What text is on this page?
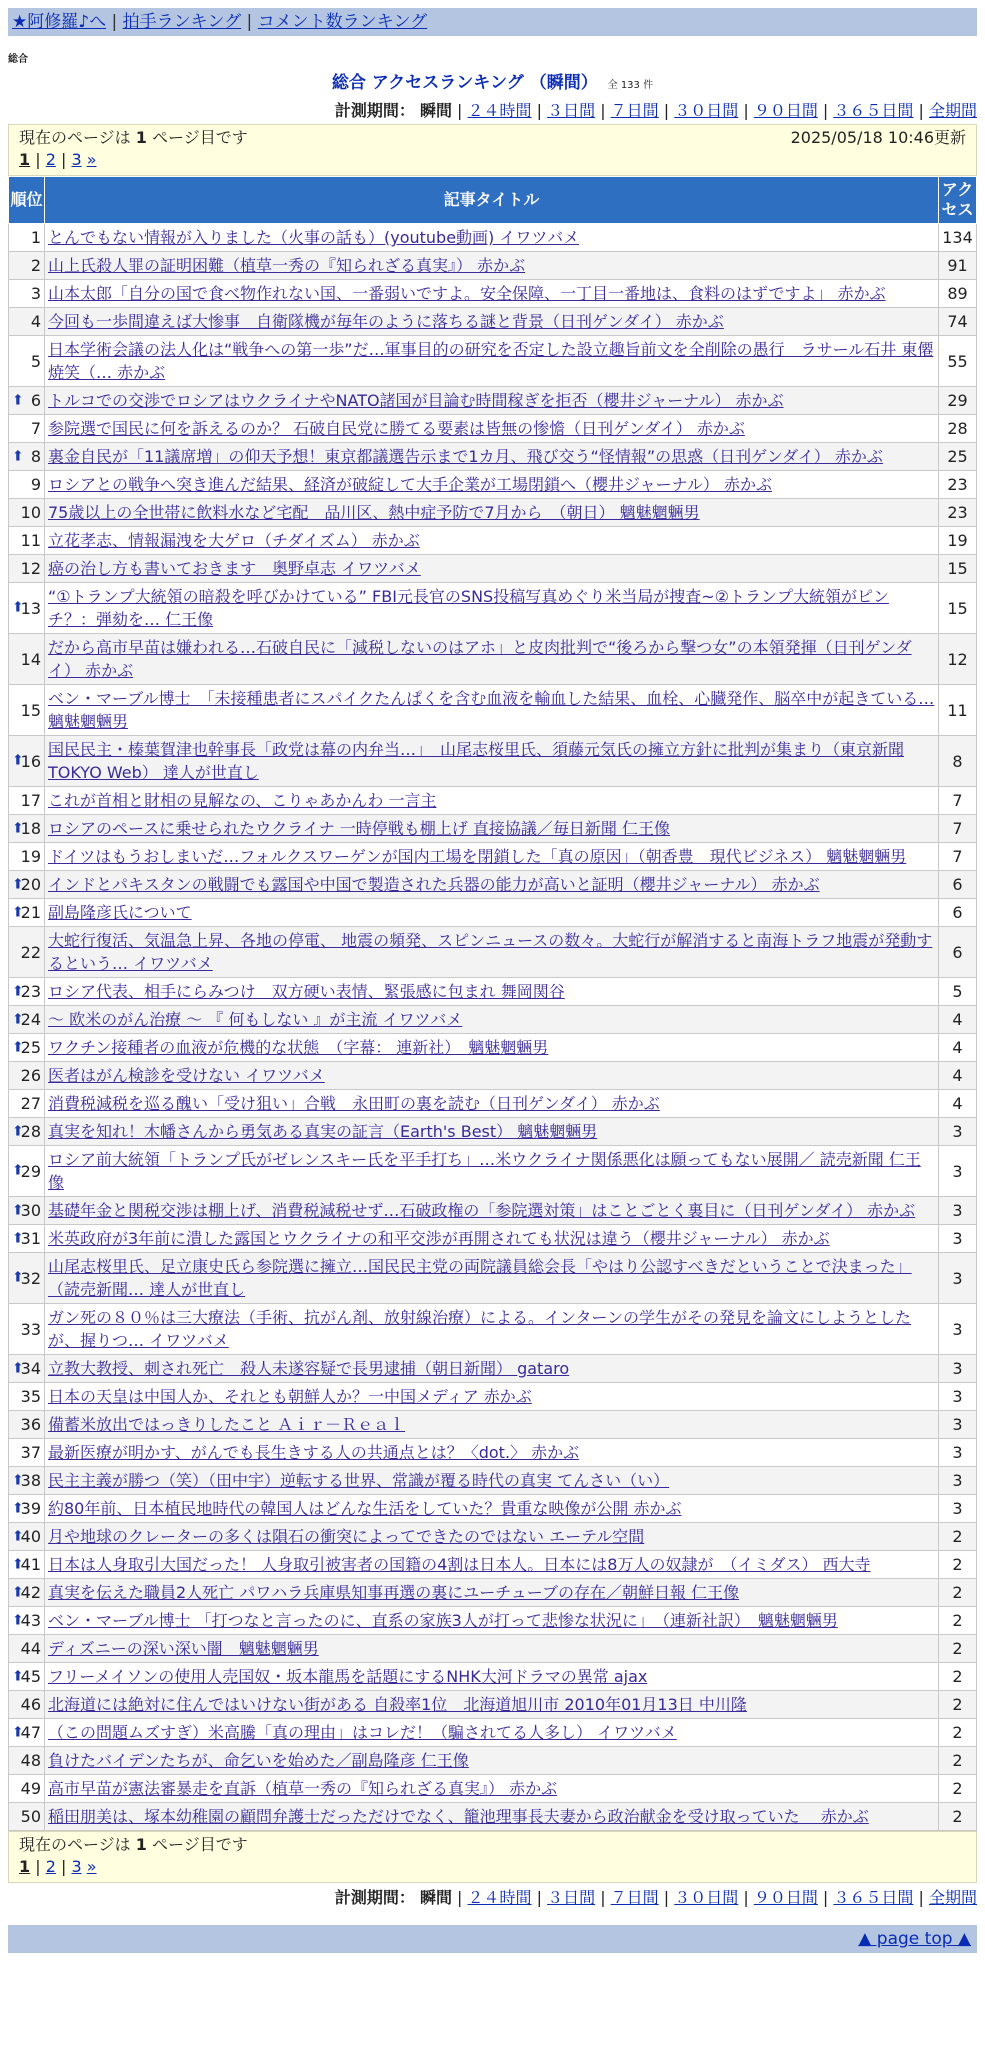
★阿修羅♪へ | 拍手ランキング | コメント数ランキング
総合
総合 アクセスランキング （瞬間） 全 133 件
計測期間： 瞬間 | ２４時間 | ３日間 | ７日間 | ３０日間 | ９０日間 | ３６５日間 | 全期間
現在のページは 1 ページ目です	2025/05/18 10:46更新
1 | 2 | 3 »
順位	記事タイトル	アクセス
1	とんでもない情報が入りました（火事の話も）(youtube動画) イワツバメ	134
2	山上氏殺人罪の証明困難（植草一秀の『知られざる真実』） 赤かぶ	91
3	山本太郎「自分の国で食べ物作れない国、一番弱いですよ。安全保障、一丁目一番地は、食料のはずですよ」 赤かぶ	89
4	今回も一歩間違えば大惨事　自衛隊機が毎年のように落ちる謎と背景（日刊ゲンダイ） 赤かぶ	74
5	日本学術会議の法人化は“戦争への第一歩”だ…軍事目的の研究を否定した設立趣旨前文を全削除の愚行　ラサール石井 東僊焼笑（… 赤かぶ	55

⬆ 6	トルコでの交渉でロシアはウクライナやNATO諸国が目論む時間稼ぎを拒否（櫻井ジャーナル） 赤かぶ	29
7	参院選で国民に何を訴えるのか？ 石破自民党に勝てる要素は皆無の惨憺（日刊ゲンダイ） 赤かぶ	28

⬆ 8	裏金自民が「11議席増」の仰天予想！東京都議選告示まで1カ月、飛び交う“怪情報”の思惑（日刊ゲンダイ） 赤かぶ	25
9	ロシアとの戦争へ突き進んだ結果、経済が破綻して大手企業が工場閉鎖へ（櫻井ジャーナル） 赤かぶ	23
10	75歳以上の全世帯に飲料水など宅配　品川区、熱中症予防で7月から　（朝日） 魑魅魍魎男	23
11	立花孝志、情報漏洩を大ゲロ（チダイズム） 赤かぶ	19
12	癌の治し方も書いておきます　奥野卓志 イワツバメ	15

⬆
13	“①トランプ大統領の暗殺を呼びかけている” FBI元長官のSNS投稿写真めぐり米当局が捜査~②トランプ大統領がピンチ？：弾劾を… 仁王像	15
14	だから高市早苗は嫌われる…石破自民に「減税しないのはアホ」と皮肉批判で“後ろから撃つ女”の本領発揮（日刊ゲンダイ） 赤かぶ	12
15	ベン・マーブル博士　「未接種患者にスパイクたんぱくを含む血液を輸血した結果、血栓、心臓発作、脳卒中が起きている… 魑魅魍魎男	11

⬆
16	国民民主・榛葉賀津也幹事長「政党は幕の内弁当…」　山尾志桜里氏、須藤元気氏の擁立方針に批判が集まり（東京新聞TOKYO Web） 達人が世直し	8
17	これが首相と財相の見解なの、こりゃあかんわ 一言主	7

⬆
18	ロシアのペースに乗せられたウクライナ 一時停戦も棚上げ 直接協議／毎日新聞 仁王像	7
19	ドイツはもうおしまいだ…フォルクスワーゲンが国内工場を閉鎖した「真の原因」（朝香豊　現代ビジネス） 魑魅魍魎男	7

⬆
20	インドとパキスタンの戦闘でも露国や中国で製造された兵器の能力が高いと証明（櫻井ジャーナル） 赤かぶ	6

⬆
21	副島隆彦氏について	6
22	大蛇行復活、気温急上昇、各地の停電、 地震の頻発、スピンニュースの数々。大蛇行が解消すると南海トラフ地震が発動するという… イワツバメ	6

⬆
23	ロシア代表、相手にらみつけ　双方硬い表情、緊張感に包まれ 舞岡関谷	5

⬆
24	～ 欧米のがん治療 ～ 『 何もしない 』が主流 イワツバメ	4

⬆
25	ワクチン接種者の血液が危機的な状態　（字幕： 連新社）　魑魅魍魎男	4
26	医者はがん検診を受けない イワツバメ	4
27	消費税減税を巡る醜い「受け狙い」合戦　永田町の裏を読む（日刊ゲンダイ） 赤かぶ	4

⬆
28	真実を知れ！木幡さんから勇気ある真実の証言（Earth's Best） 魑魅魍魎男	3

⬆
29	ロシア前大統領「トランプ氏がゼレンスキー氏を平手打ち」…米ウクライナ関係悪化は願ってもない展開／ 読売新聞 仁王像	3

⬆
30	基礎年金と関税交渉は棚上げ、消費税減税せず…石破政権の「参院選対策」はことごとく裏目に（日刊ゲンダイ） 赤かぶ	3

⬆
31	米英政府が3年前に潰した露国とウクライナの和平交渉が再開されても状況は違う（櫻井ジャーナル） 赤かぶ	3

⬆
32	山尾志桜里氏、足立康史氏ら参院選に擁立…国民民主党の両院議員総会長「やはり公認すべきだということで決まった」（読売新聞… 達人が世直し	3
33	ガン死の８０％は三大療法（手術、抗がん剤、放射線治療）による。インターンの学生がその発見を論文にしようとしたが、握りつ… イワツバメ	3

⬆
34	立教大教授、刺され死亡　殺人未遂容疑で長男逮捕（朝日新聞） gataro	3
35	日本の天皇は中国人か、それとも朝鮮人か？一中国メディア 赤かぶ	3
36	備蓄米放出ではっきりしたこと Ａｉｒ－Ｒｅａｌ	3
37	最新医療が明かす、がんでも長生きする人の共通点とは？〈dot.〉 赤かぶ	3

⬆
38	民主主義が勝つ（笑）（田中宇）逆転する世界、常識が覆る時代の真実 てんさい（い）	3

⬆
39	約80年前、日本植民地時代の韓国人はどんな生活をしていた？貴重な映像が公開 赤かぶ	3

⬆
40	月や地球のクレーターの多くは隕石の衝突によってできたのではない エーテル空間	2

⬆
41	日本は人身取引大国だった！ 人身取引被害者の国籍の4割は日本人。日本には8万人の奴隷が　（イミダス） 西大寺	2

⬆
42	真実を伝えた職員2人死亡 パワハラ兵庫県知事再選の裏にユーチューブの存在／朝鮮日報 仁王像	2

⬆
43	ベン・マーブル博士 「打つなと言ったのに、直系の家族3人が打って悲惨な状況に」　（連新社訳）　魑魅魍魎男	2
44	ディズニーの深い深い闇　魑魅魍魎男	2

⬆
45	フリーメイソンの使用人売国奴・坂本龍馬を話題にするNHK大河ドラマの異常 ajax	2
46	北海道には絶対に住んではいけない街がある 自殺率1位　北海道旭川市 2010年01月13日 中川隆	2

⬆
47	（この問題ムズすぎ）米高騰「真の理由」はコレだ！（騙されてる人多し） イワツバメ	2
48	負けたバイデンたちが、命乞いを始めた／副島隆彦 仁王像	2
49	高市早苗が憲法審暴走を直訴（植草一秀の『知られざる真実』） 赤かぶ	2
50	稲田朋美は、塚本幼稚園の顧問弁護士だっただけでなく、籠池理事長夫妻から政治献金を受け取っていた　 赤かぶ	2
現在のページは 1 ページ目です
1 | 2 | 3 »
計測期間： 瞬間 | ２４時間 | ３日間 | ７日間 | ３０日間 | ９０日間 | ３６５日間 | 全期間
▲ page top ▲
